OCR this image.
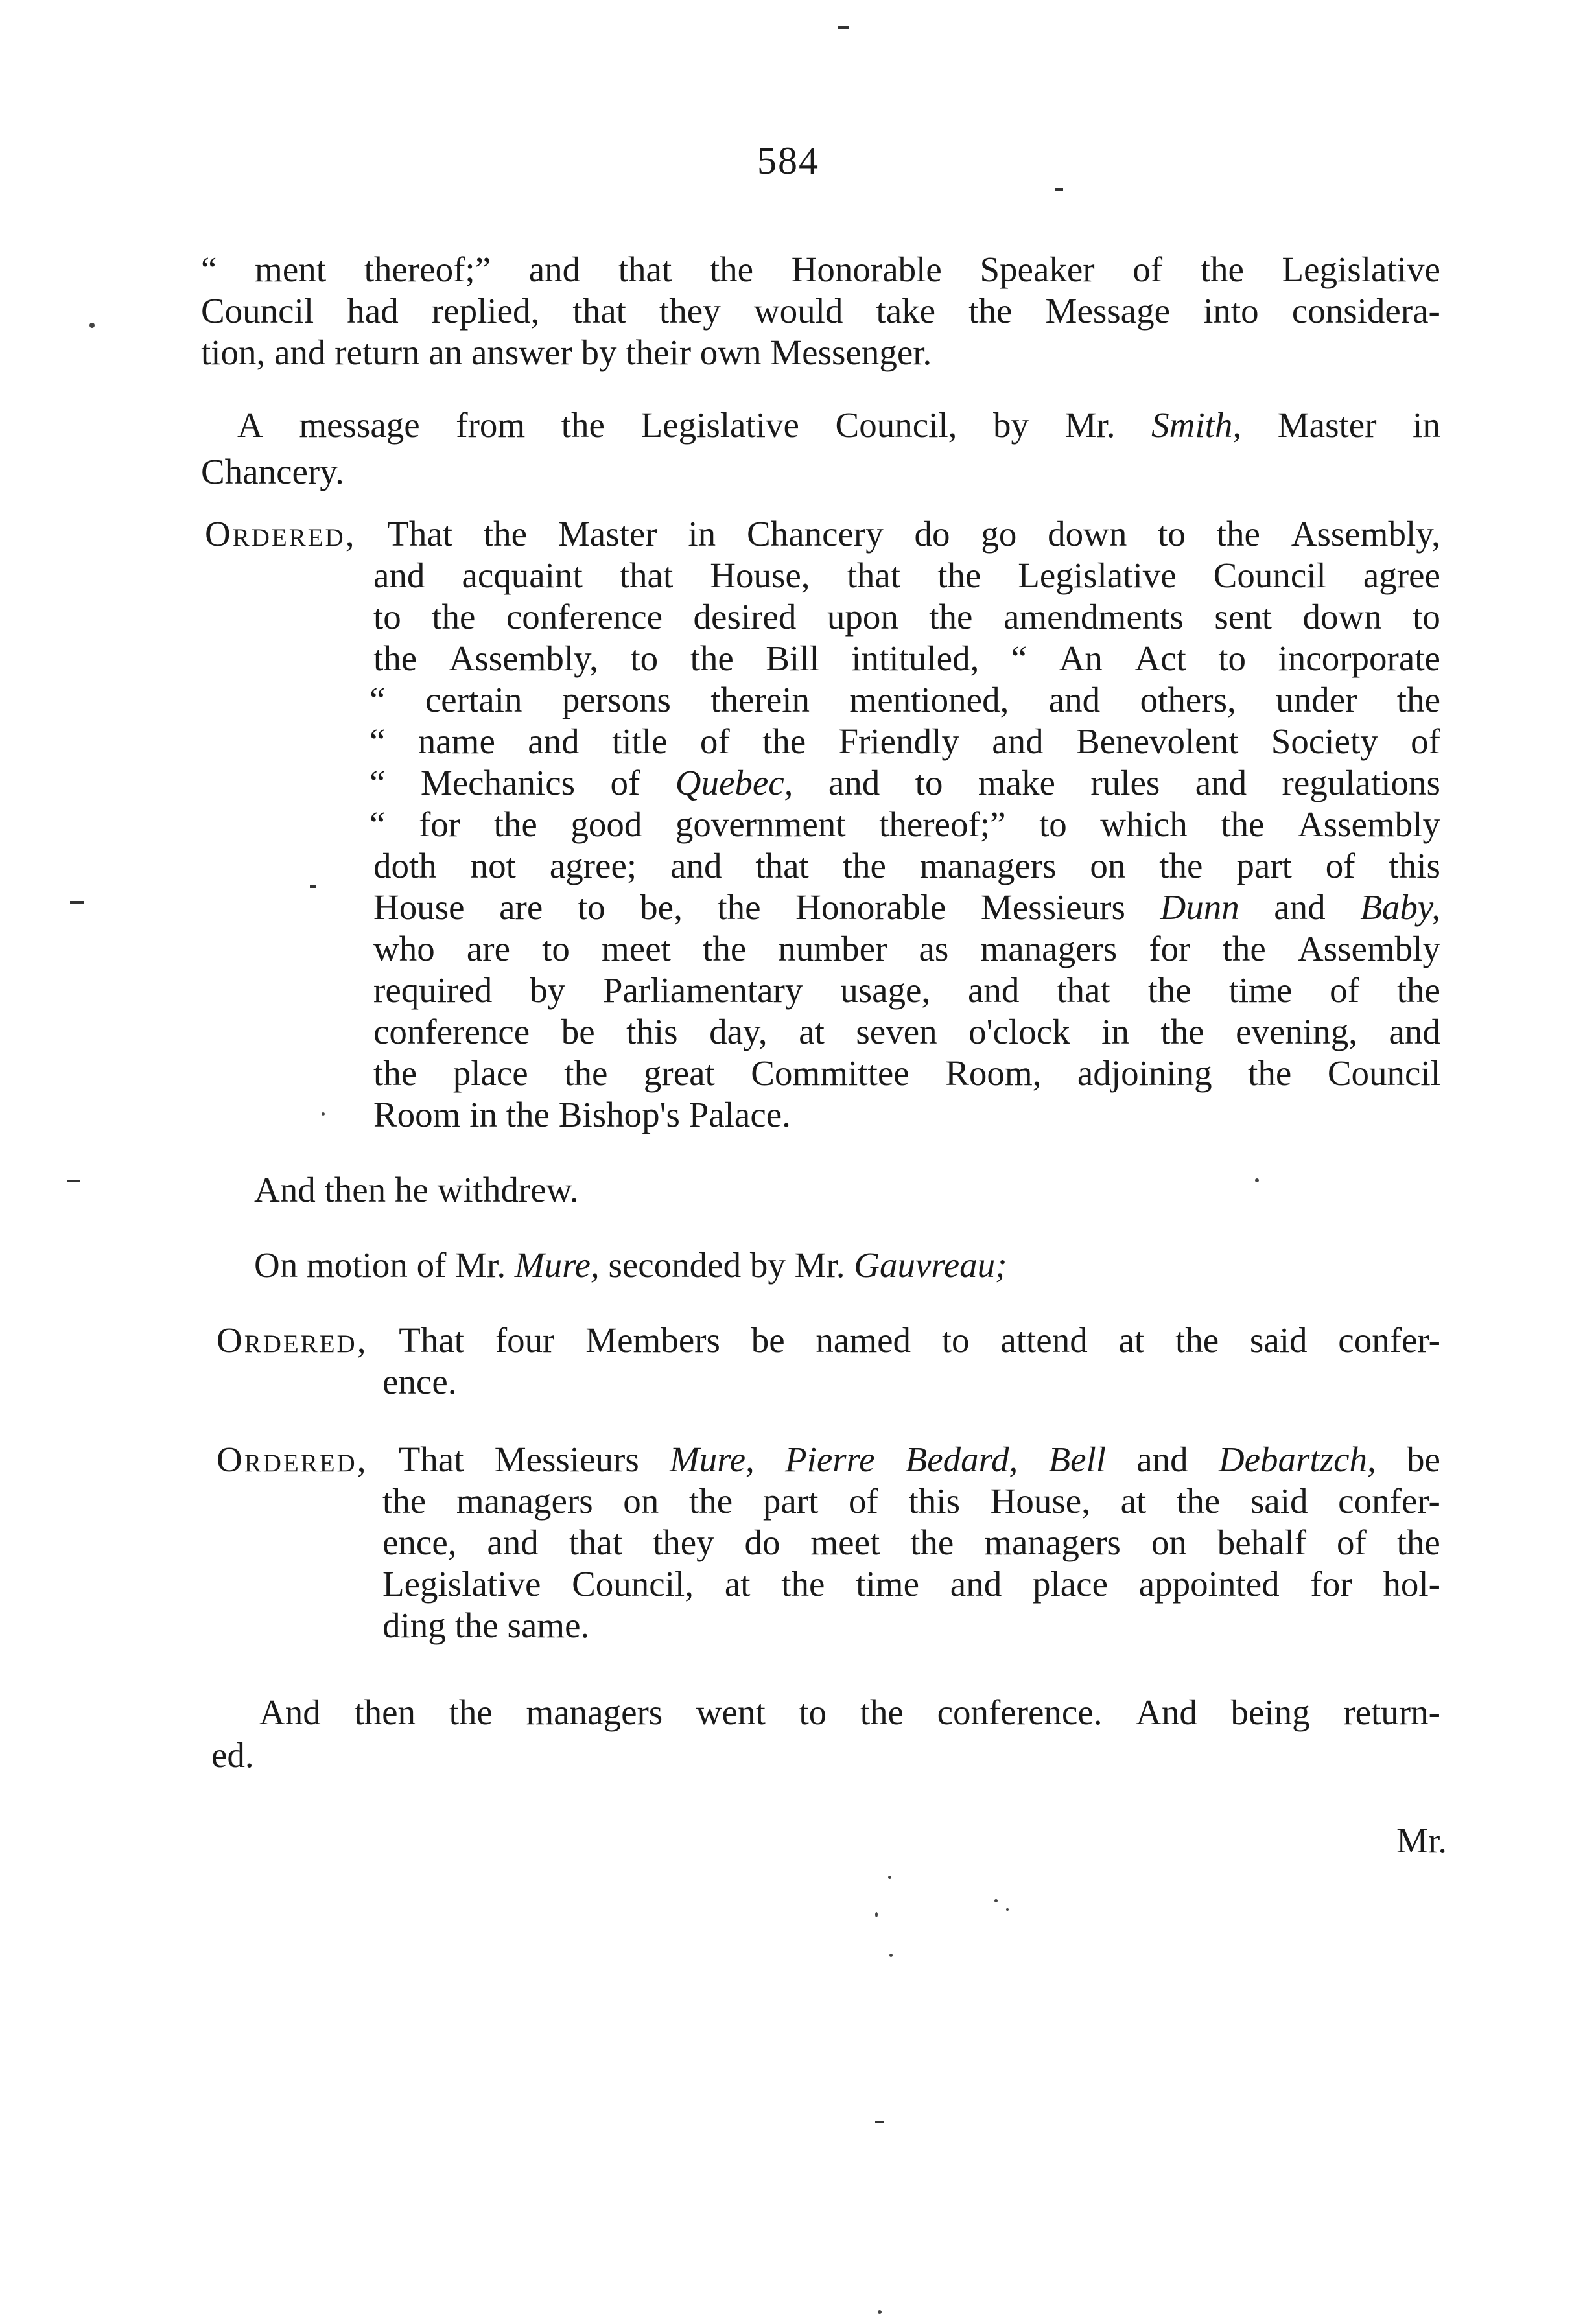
584
“ ment thereof;” and that the Honorable Speaker of the Legislative
Council had replied, that they would take the Message into considera-
tion, and return an answer by their own Messenger.
A message from the Legislative Council, by Mr. Smith, Master in
Chancery.
Ordered, That the Master in Chancery do go down to the Assembly,
and acquaint that House, that the Legislative Council agree
to the conference desired upon the amendments sent down to
the Assembly, to the Bill intituled, “ An Act to incorporate
“ certain persons therein mentioned, and others, under the
“ name and title of the Friendly and Benevolent Society of
“ Mechanics of Quebec, and to make rules and regulations
“ for the good government thereof;” to which the Assembly
doth not agree; and that the managers on the part of this
House are to be, the Honorable Messieurs Dunn and Baby,
who are to meet the number as managers for the Assembly
required by Parliamentary usage, and that the time of the
conference be this day, at seven o'clock in the evening, and
the place the great Committee Room, adjoining the Council
Room in the Bishop's Palace.
And then he withdrew.
On motion of Mr. Mure, seconded by Mr. Gauvreau;
Ordered, That four Members be named to attend at the said confer-
ence.
Ordered, That Messieurs Mure, Pierre Bedard, Bell and Debartzch, be
the managers on the part of this House, at the said confer-
ence, and that they do meet the managers on behalf of the
Legislative Council, at the time and place appointed for hol-
ding the same.
And then the managers went to the conference. And being return-
ed.
Mr.
